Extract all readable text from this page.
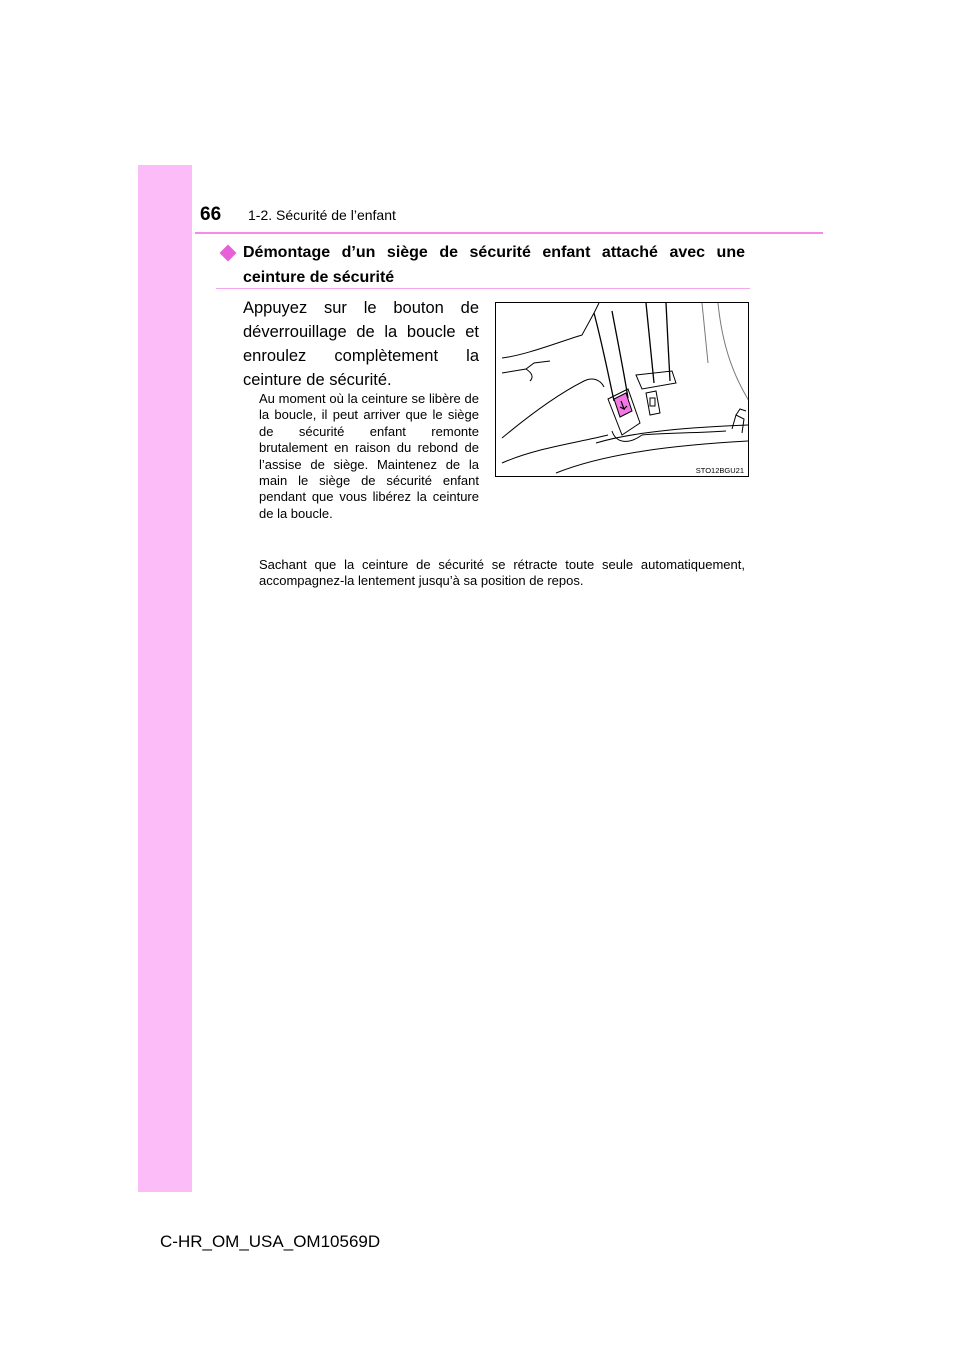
66 1-2. Sécurité de l’enfant
Démontage d’un siège de sécurité enfant attaché avec une ceinture de sécurité
Appuyez sur le bouton de déverrouillage de la boucle et enroulez complètement la ceinture de sécurité.
Au moment où la ceinture se libère de la boucle, il peut arriver que le siège de sécurité enfant remonte brutalement en raison du rebond de l’assise de siège. Maintenez de la main le siège de sécurité enfant pendant que vous libérez la ceinture de la boucle.
Sachant que la ceinture de sécurité se rétracte toute seule automatiquement, accompagnez-la lentement jusqu’à sa position de repos.
STO12BGU21
C-HR_OM_USA_OM10569D
